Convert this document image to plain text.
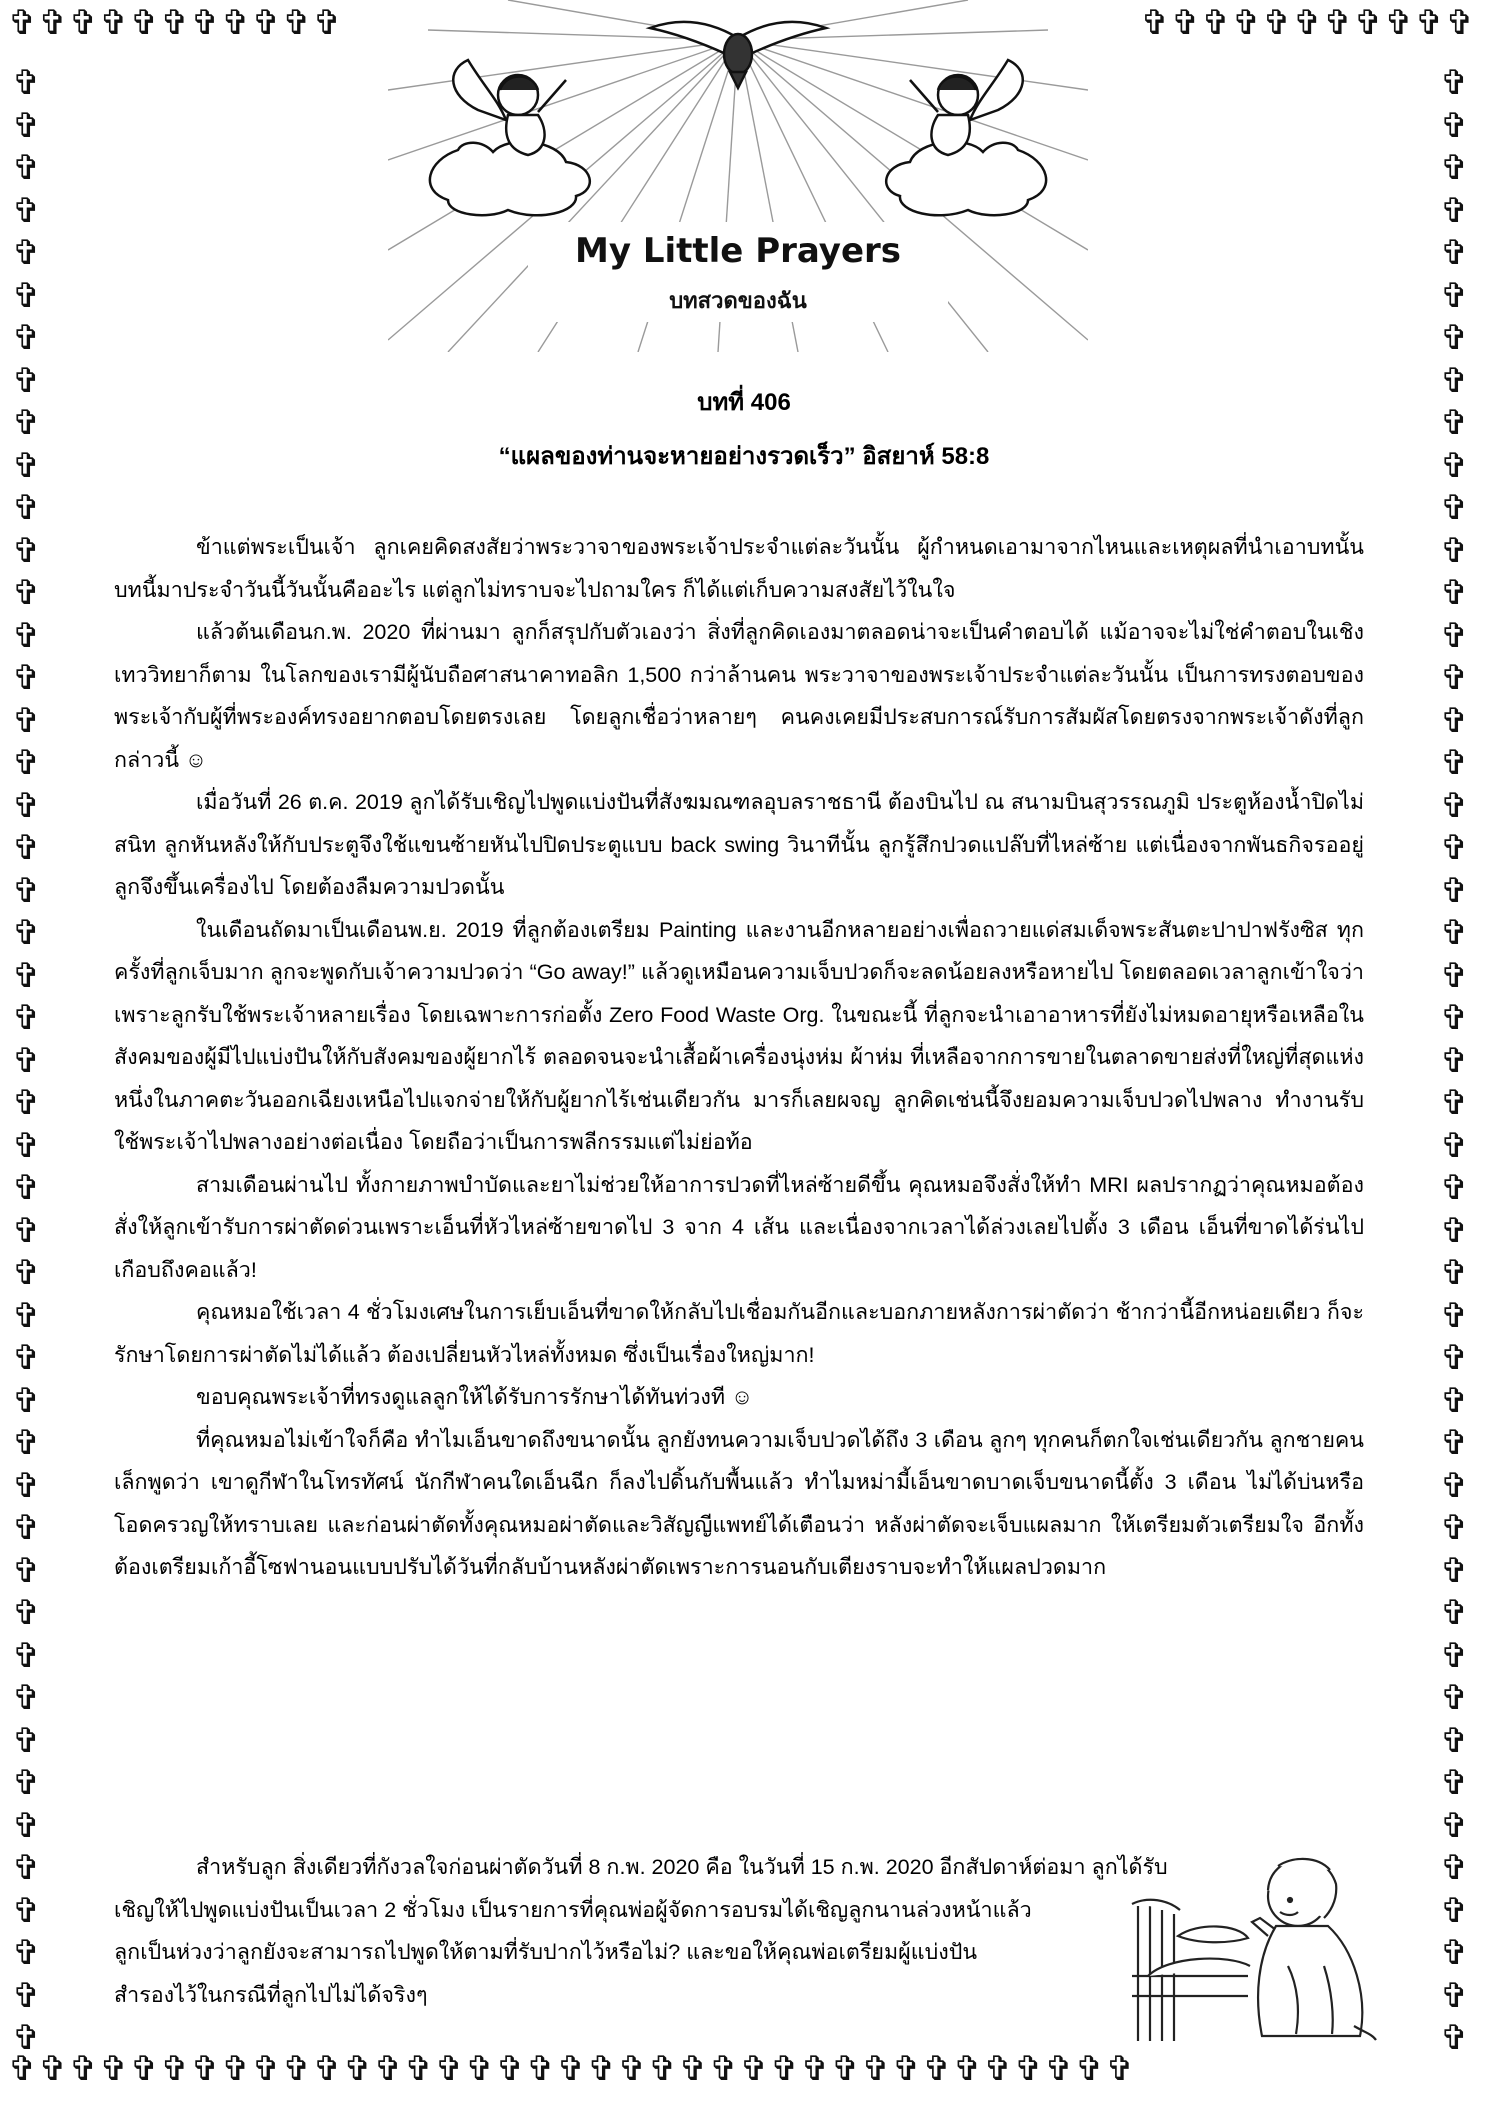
✞✞✞✞✞✞✞✞✞✞✞	✞✞✞✞✞✞✞✞✞✞✞
✞ ✞ ✞ ✞ ✞ ✞ ✞ ✞ ✞ ✞ ✞ ✞ ✞ ✞ ✞ ✞ ✞ ✞ ✞ ✞ ✞ ✞ ✞ ✞ ✞ ✞ ✞ ✞ ✞ ✞ ✞ ✞ ✞ ✞ ✞ ✞ ✞ ✞ ✞ ✞ ✞ ✞ ✞ ✞ ✞ ✞ ✞
✞ ✞ ✞ ✞ ✞ ✞ ✞ ✞ ✞ ✞ ✞ ✞ ✞ ✞ ✞ ✞ ✞ ✞ ✞ ✞ ✞ ✞ ✞ ✞ ✞ ✞ ✞ ✞ ✞ ✞ ✞ ✞ ✞ ✞ ✞ ✞ ✞ ✞ ✞ ✞ ✞ ✞ ✞ ✞ ✞ ✞ ✞
✞✞✞✞✞✞✞✞✞✞✞✞✞✞✞✞✞✞✞✞✞✞✞✞✞✞✞✞✞✞✞✞✞✞✞✞✞
My Little Prayers
บทสวดของฉัน
บทที่ 406
“แผลของท่านจะหายอย่างรวดเร็ว” อิสยาห์ 58:8

ข้าแต่พระเป็นเจ้า ลูกเคยคิดสงสัยว่าพระวาจาของพระเจ้าประจำแต่ละวันนั้น ผู้กำหนดเอามาจากไหนและเหตุผลที่นำเอาบทนั้นบทนี้มาประจำวันนี้วันนั้นคืออะไร แต่ลูกไม่ทราบจะไปถามใคร ก็ได้แต่เก็บความสงสัยไว้ในใจ

แล้วต้นเดือนก.พ. 2020 ที่ผ่านมา ลูกก็สรุปกับตัวเองว่า สิ่งที่ลูกคิดเองมาตลอดน่าจะเป็นคำตอบได้ แม้อาจจะไม่ใช่คำตอบในเชิงเทววิทยาก็ตาม ในโลกของเรามีผู้นับถือศาสนาคาทอลิก 1,500 กว่าล้านคน พระวาจาของพระเจ้าประจำแต่ละวันนั้น เป็นการทรงตอบของพระเจ้ากับผู้ที่พระองค์ทรงอยากตอบโดยตรงเลย โดยลูกเชื่อว่าหลายๆ คนคงเคยมีประสบการณ์รับการสัมผัสโดยตรงจากพระเจ้าดังที่ลูกกล่าวนี้ ☺

เมื่อวันที่ 26 ต.ค. 2019 ลูกได้รับเชิญไปพูดแบ่งปันที่สังฆมณฑลอุบลราชธานี ต้องบินไป ณ สนามบินสุวรรณภูมิ ประตูห้องน้ำปิดไม่สนิท ลูกหันหลังให้กับประตูจึงใช้แขนซ้ายหันไปปิดประตูแบบ back swing วินาทีนั้น ลูกรู้สึกปวดแปล๊บที่ไหล่ซ้าย แต่เนื่องจากพันธกิจรออยู่ ลูกจึงขึ้นเครื่องไป โดยต้องลืมความปวดนั้น

ในเดือนถัดมาเป็นเดือนพ.ย. 2019 ที่ลูกต้องเตรียม Painting และงานอีกหลายอย่างเพื่อถวายแด่สมเด็จพระสันตะปาปาฟรังซิส ทุกครั้งที่ลูกเจ็บมาก ลูกจะพูดกับเจ้าความปวดว่า “Go away!” แล้วดูเหมือนความเจ็บปวดก็จะลดน้อยลงหรือหายไป โดยตลอดเวลาลูกเข้าใจว่าเพราะลูกรับใช้พระเจ้าหลายเรื่อง โดยเฉพาะการก่อตั้ง Zero Food Waste Org. ในขณะนี้ ที่ลูกจะนำเอาอาหารที่ยังไม่หมดอายุหรือเหลือในสังคมของผู้มีไปแบ่งปันให้กับสังคมของผู้ยากไร้ ตลอดจนจะนำเสื้อผ้าเครื่องนุ่งห่ม ผ้าห่ม ที่เหลือจากการขายในตลาดขายส่งที่ใหญ่ที่สุดแห่งหนึ่งในภาคตะวันออกเฉียงเหนือไปแจกจ่ายให้กับผู้ยากไร้เช่นเดียวกัน มารก็เลยผจญ ลูกคิดเช่นนี้จึงยอมความเจ็บปวดไปพลาง ทำงานรับใช้พระเจ้าไปพลางอย่างต่อเนื่อง โดยถือว่าเป็นการพลีกรรมแต่ไม่ย่อท้อ

สามเดือนผ่านไป ทั้งกายภาพบำบัดและยาไม่ช่วยให้อาการปวดที่ไหล่ซ้ายดีขึ้น คุณหมอจึงสั่งให้ทำ MRI ผลปรากฏว่าคุณหมอต้องสั่งให้ลูกเข้ารับการผ่าตัดด่วนเพราะเอ็นที่หัวไหล่ซ้ายขาดไป 3 จาก 4 เส้น และเนื่องจากเวลาได้ล่วงเลยไปตั้ง 3 เดือน เอ็นที่ขาดได้ร่นไปเกือบถึงคอแล้ว!

คุณหมอใช้เวลา 4 ชั่วโมงเศษในการเย็บเอ็นที่ขาดให้กลับไปเชื่อมกันอีกและบอกภายหลังการผ่าตัดว่า ช้ากว่านี้อีกหน่อยเดียว ก็จะรักษาโดยการผ่าตัดไม่ได้แล้ว ต้องเปลี่ยนหัวไหล่ทั้งหมด ซึ่งเป็นเรื่องใหญ่มาก!

ขอบคุณพระเจ้าที่ทรงดูแลลูกให้ได้รับการรักษาได้ทันท่วงที ☺

ที่คุณหมอไม่เข้าใจก็คือ ทำไมเอ็นขาดถึงขนาดนั้น ลูกยังทนความเจ็บปวดได้ถึง 3 เดือน ลูกๆ ทุกคนก็ตกใจเช่นเดียวกัน ลูกชายคนเล็กพูดว่า เขาดูกีฬาในโทรทัศน์ นักกีฬาคนใดเอ็นฉีก ก็ลงไปดิ้นกับพื้นแล้ว ทำไมหม่ามี้เอ็นขาดบาดเจ็บขนาดนี้ตั้ง 3 เดือน ไม่ได้บ่นหรือโอดครวญให้ทราบเลย และก่อนผ่าตัดทั้งคุณหมอผ่าตัดและวิสัญญีแพทย์ได้เตือนว่า หลังผ่าตัดจะเจ็บแผลมาก ให้เตรียมตัวเตรียมใจ อีกทั้งต้องเตรียมเก้าอี้โซฟานอนแบบปรับได้วันที่กลับบ้านหลังผ่าตัดเพราะการนอนกับเตียงราบจะทำให้แผลปวดมาก

สำหรับลูก สิ่งเดียวที่กังวลใจก่อนผ่าตัดวันที่ 8 ก.พ. 2020 คือ ในวันที่ 15 ก.พ. 2020 อีกสัปดาห์ต่อมา ลูกได้รับ
เชิญให้ไปพูดแบ่งปันเป็นเวลา 2 ชั่วโมง เป็นรายการที่คุณพ่อผู้จัดการอบรมได้เชิญลูกนานล่วงหน้าแล้ว
ลูกเป็นห่วงว่าลูกยังจะสามารถไปพูดให้ตามที่รับปากไว้หรือไม่? และขอให้คุณพ่อเตรียมผู้แบ่งปัน
สำรองไว้ในกรณีที่ลูกไปไม่ได้จริงๆ
